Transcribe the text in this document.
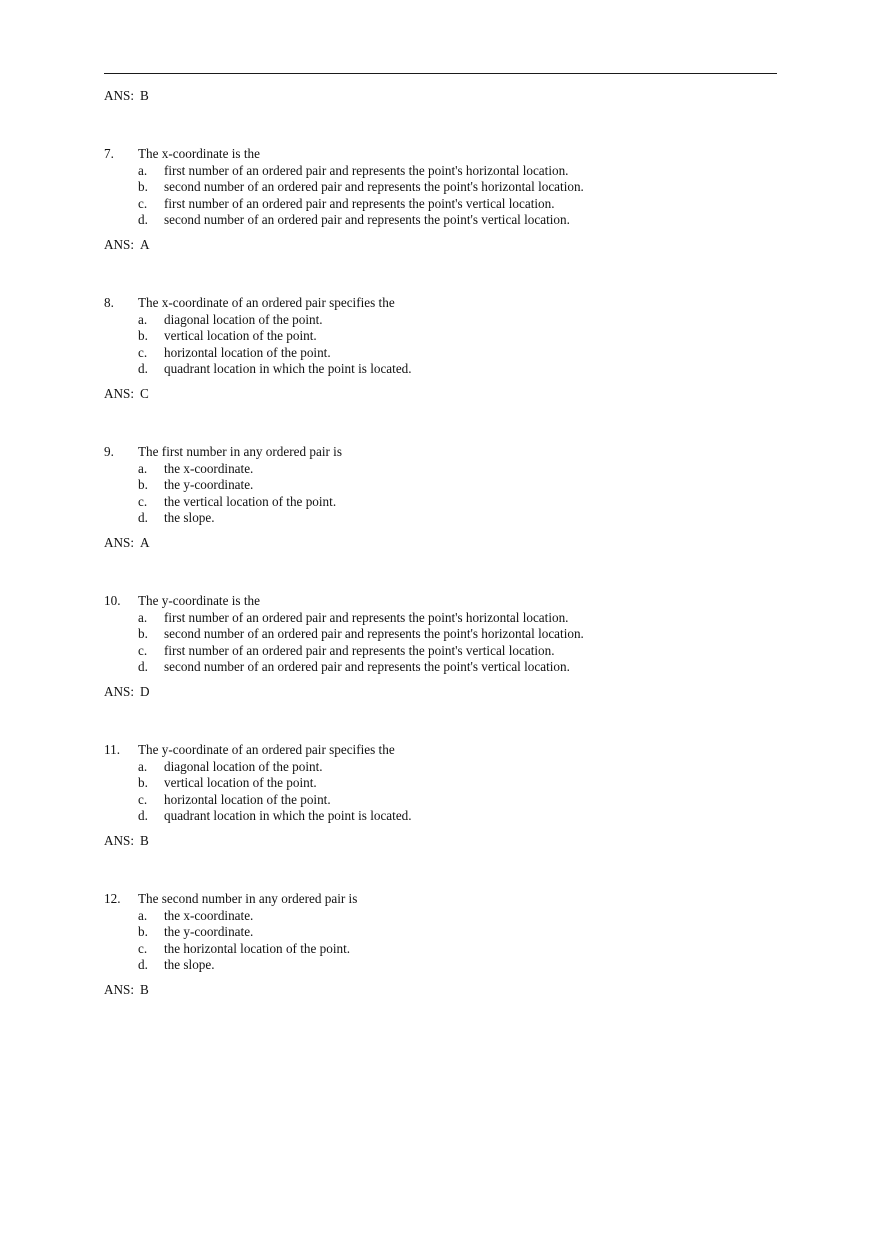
ANS: B
7. The x-coordinate is the
a. first number of an ordered pair and represents the point's horizontal location.
b. second number of an ordered pair and represents the point's horizontal location.
c. first number of an ordered pair and represents the point's vertical location.
d. second number of an ordered pair and represents the point's vertical location.
ANS: A
8. The x-coordinate of an ordered pair specifies the
a. diagonal location of the point.
b. vertical location of the point.
c. horizontal location of the point.
d. quadrant location in which the point is located.
ANS: C
9. The first number in any ordered pair is
a. the x-coordinate.
b. the y-coordinate.
c. the vertical location of the point.
d. the slope.
ANS: A
10. The y-coordinate is the
a. first number of an ordered pair and represents the point's horizontal location.
b. second number of an ordered pair and represents the point's horizontal location.
c. first number of an ordered pair and represents the point's vertical location.
d. second number of an ordered pair and represents the point's vertical location.
ANS: D
11. The y-coordinate of an ordered pair specifies the
a. diagonal location of the point.
b. vertical location of the point.
c. horizontal location of the point.
d. quadrant location in which the point is located.
ANS: B
12. The second number in any ordered pair is
a. the x-coordinate.
b. the y-coordinate.
c. the horizontal location of the point.
d. the slope.
ANS: B
